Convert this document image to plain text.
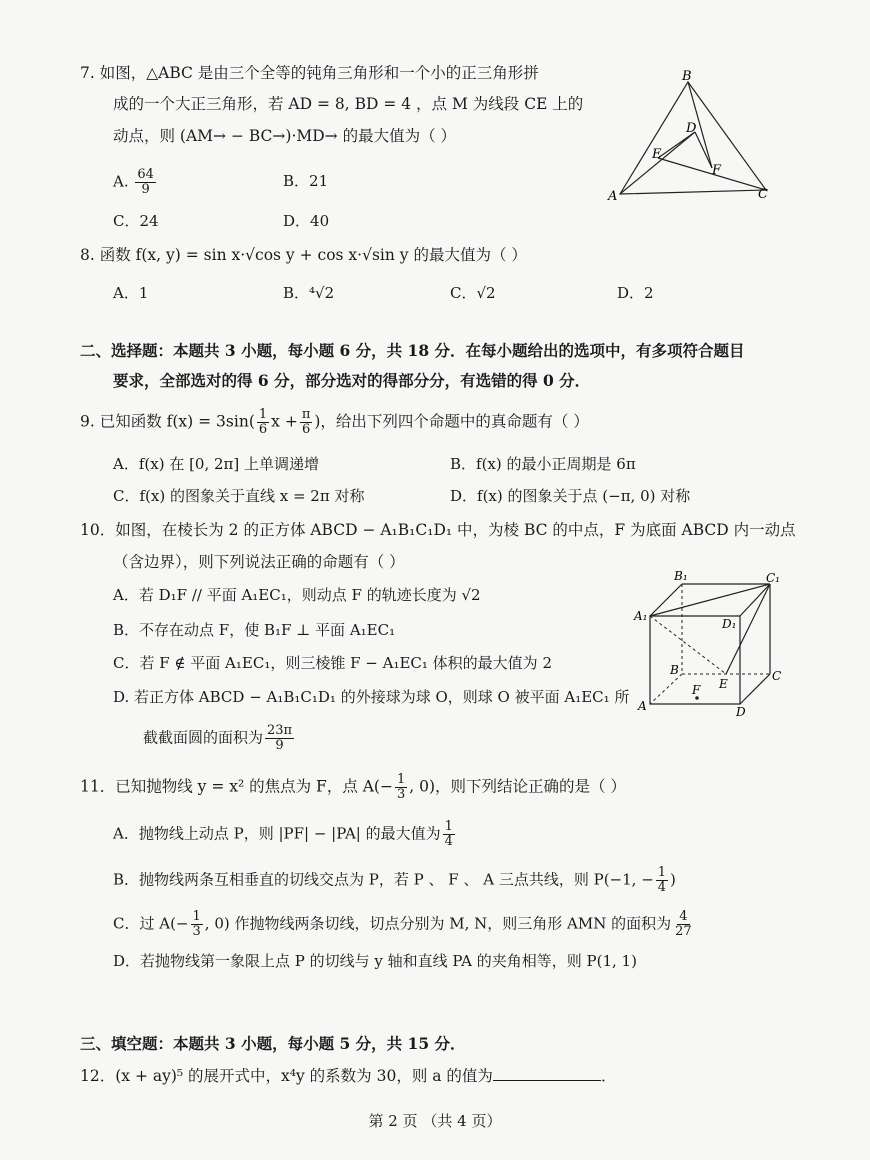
7. 如图，△ABC 是由三个全等的钝角三角形和一个小的正三角形拼
成的一个大正三角形，若 AD = 8, BD = 4 ，点 M 为线段 CE 上的
动点，则 (AM→ − BC→)·MD→ 的最大值为（ ）
A. $\frac{64}{9}$	B．21
C．24	D．40
B
A	C
D
E
F
8. 函数 f(x, y) = sin x·√cos y + cos x·√sin y 的最大值为（ ）
A．1	B．⁴√2	C．√2	D．2
二、选择题：本题共 3 小题，每小题 6 分，共 18 分．在每小题给出的选项中，有多项符合题目
要求，全部选对的得 6 分，部分选对的得部分分，有选错的得 0 分．
9. 已知函数 $f(x) = 3\sin( \frac{1}{6}$ $x + \frac{\pi}{6}$ )，给出下列四个命题中的真命题有（ ）
A．f(x) 在 [0, 2π] 上单调递增	B．f(x) 的最小正周期是 6π
C．f(x) 的图象关于直线 x = 2π 对称	D．f(x) 的图象关于点 (−π, 0) 对称
10．如图，在棱长为 2 的正方体 ABCD − A₁B₁C₁D₁ 中，为棱 BC 的中点，F 为底面 ABCD 内一动点
（含边界），则下列说法正确的命题有（ ）
A．若 D₁F // 平面 A₁EC₁，则动点 F 的轨迹长度为 √2
B．不存在动点 F，使 B₁F ⊥ 平面 A₁EC₁
C．若 F ∉ 平面 A₁EC₁，则三棱锥 F − A₁EC₁ 体积的最大值为 2
D. 若正方体 ABCD − A₁B₁C₁D₁ 的外接球为球 O，则球 O 被平面 A₁EC₁ 所
截截面圆的面积为 $\frac{23\pi}{9}$
B₁	C₁
A₁
D₁
B	C
E
F
A	D
11．已知抛物线 y = x² 的焦点为 F，点 $A(- \frac{1}{3}$ , 0)，则下列结论正确的是（ ）
A．抛物线上动点 P，则 |PF| − |PA| 的最大值为 $\frac{1}{4}$
B．抛物线两条互相垂直的切线交点为 P，若 P 、 F 、 A 三点共线，则 P(−1, − $\frac{1}{4}$ )
C．过 $A(- \frac{1}{3}$ , 0) 作抛物线两条切线，切点分别为 M, N，则三角形 AMN 的面积为 $\frac{4}{27}$
D．若抛物线第一象限上点 P 的切线与 y 轴和直线 PA 的夹角相等，则 P(1, 1)
三、填空题：本题共 3 小题，每小题 5 分，共 15 分．
12．(x + ay)⁵ 的展开式中，x⁴y 的系数为 30，则 a 的值为	．
第 2 页 （共 4 页）
